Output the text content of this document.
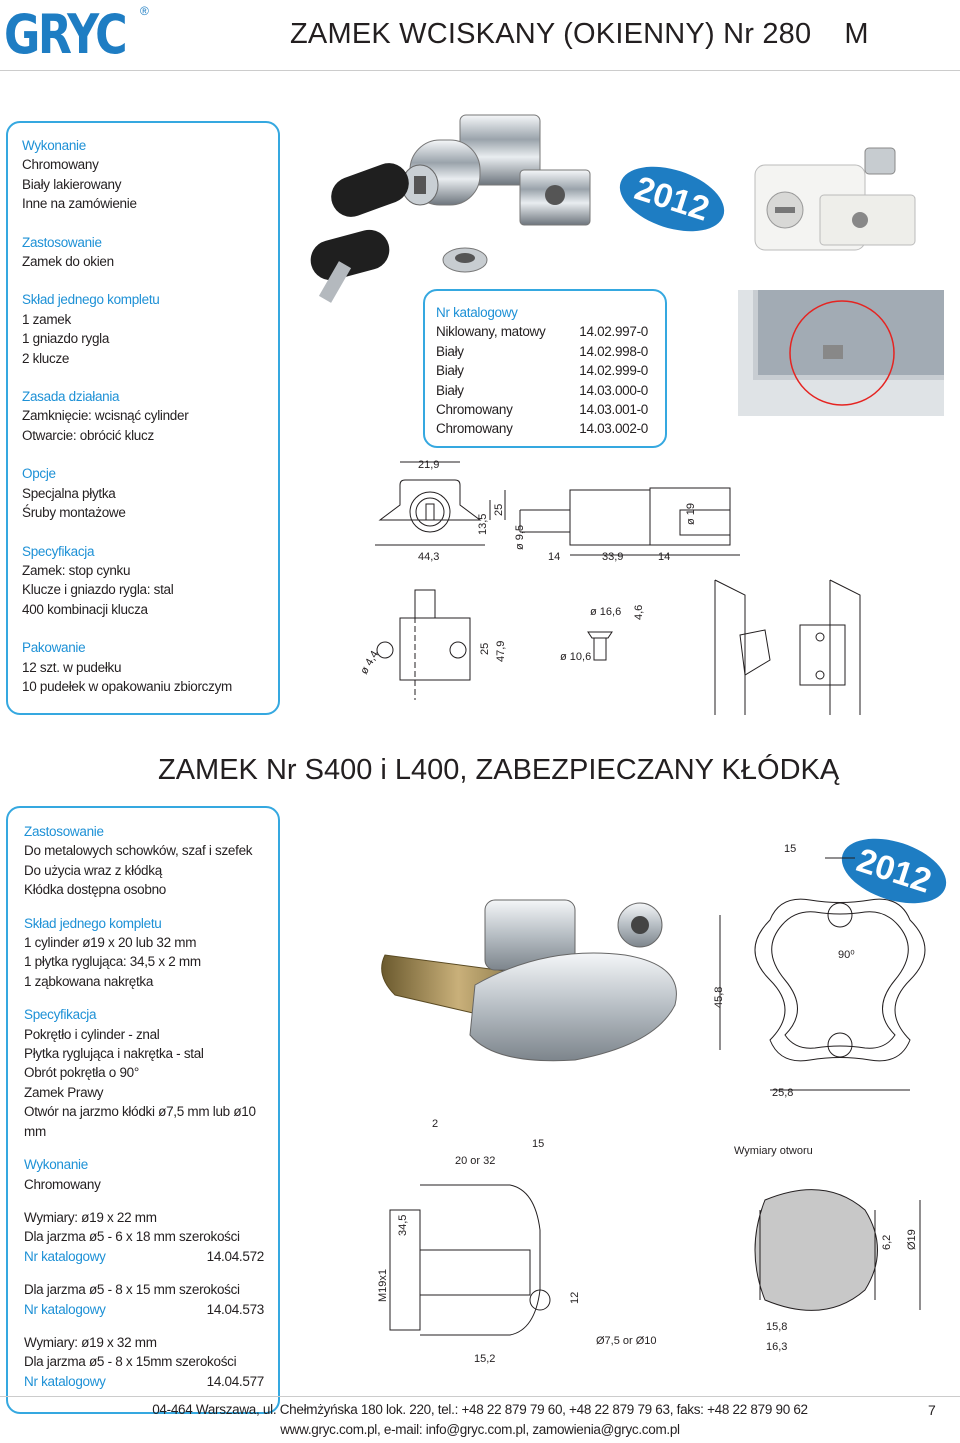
GRYC ®
ZAMEK WCISKANY (OKIENNY) Nr 280    M
Wykonanie
Chromowany
Biały lakierowany
Inne na zamówienie
Zastosowanie
Zamek do okien
Skład jednego kompletu
1 zamek
1 gniazdo rygla
2 klucze
Zasada działania
Zamknięcie: wcisnąć cylinder
Otwarcie: obrócić klucz
Opcje
Specjalna płytka
Śruby montażowe
Specyfikacja
Zamek: stop cynku
Klucze i gniazdo rygla: stal
400 kombinacji klucza
Pakowanie
12 szt. w pudełku
10 pudełek w opakowaniu zbiorczym
2012
Nr katalogowy
Niklowany, matowy	14.02.997-0
Biały	14.02.998-0
Biały	14.02.999-0
Biały	14.03.000-0
Chromowany	14.03.001-0
Chromowany	14.03.002-0
21,9
13,5
25
44,3
ø 9,5
14	33,9	14
ø 19
ø 16,6 4,6
ø 10,6
ø 4,4	25 47,9
ZAMEK Nr S400 i L400, ZABEZPIECZANY KŁÓDKĄ
Zastosowanie
Do metalowych schowków, szaf i szefek
Do użycia wraz z kłódką
Kłódka dostępna osobno
Skład jednego kompletu
1 cylinder ø19 x 20 lub 32 mm
1 płytka ryglująca: 34,5 x 2 mm
1 ząbkowana nakrętka
Specyfikacja
Pokrętło i cylinder - znal
Płytka ryglująca i nakrętka - stal
Obrót pokrętła o 90°
Zamek Prawy
Otwór na jarzmo kłódki ø7,5 mm lub ø10 mm
Wykonanie
Chromowany
Wymiary: ø19 x 22 mm
Dla jarzma ø5 - 6 x 18 mm szerokości
Nr katalogowy	14.04.572
Dla jarzma ø5 - 8 x 15 mm szerokości
Nr katalogowy	14.04.573
Wymiary: ø19 x 32 mm
Dla jarzma ø5 - 8 x 15mm szerokości
Nr katalogowy	14.04.577
2012
15
90⁰
45,8
25,8
2
15
20 or 32
34,5
M19x1	12
15,2
Ø7,5 or Ø10
Wymiary otworu
15,8
16,3
6,2 Ø19
04-464 Warszawa, ul. Chełmżyńska 180 lok. 220, tel.: +48 22 879 79 60, +48 22 879 79 63, faks: +48 22 879 90 62
www.gryc.com.pl, e-mail: info@gryc.com.pl, zamowienia@gryc.com.pl
7
